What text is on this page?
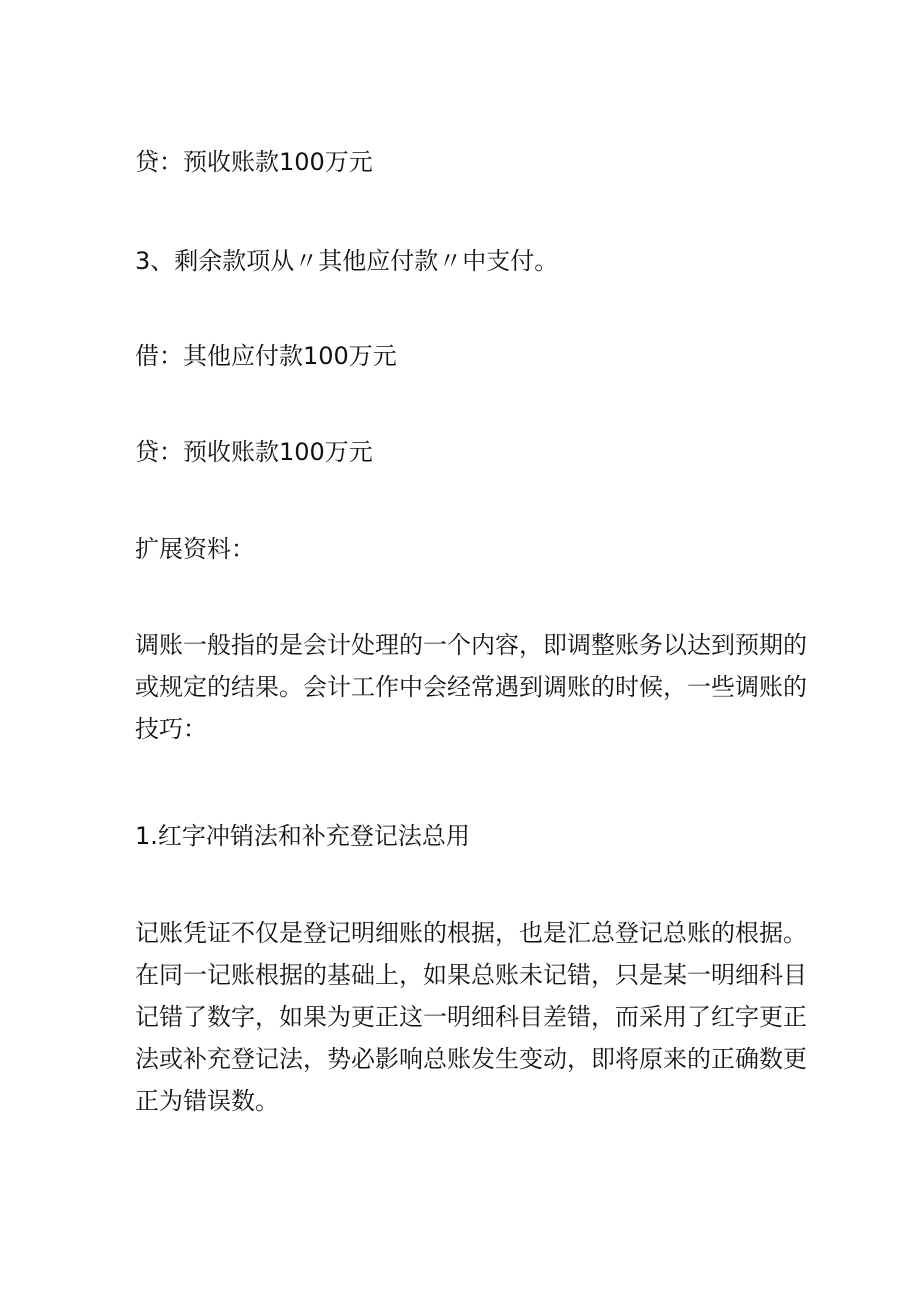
贷：预收账款100万元
3、剩余款项从〃其他应付款〃中支付。
借：其他应付款100万元
贷：预收账款100万元
扩展资料：
调账一般指的是会计处理的一个内容，即调整账务以达到预期的
或规定的结果。会计工作中会经常遇到调账的时候，一些调账的
技巧：
1.红字冲销法和补充登记法总用
记账凭证不仅是登记明细账的根据，也是汇总登记总账的根据。
在同一记账根据的基础上，如果总账未记错，只是某一明细科目
记错了数字，如果为更正这一明细科目差错，而采用了红字更正
法或补充登记法，势必影响总账发生变动，即将原来的正确数更
正为错误数。
